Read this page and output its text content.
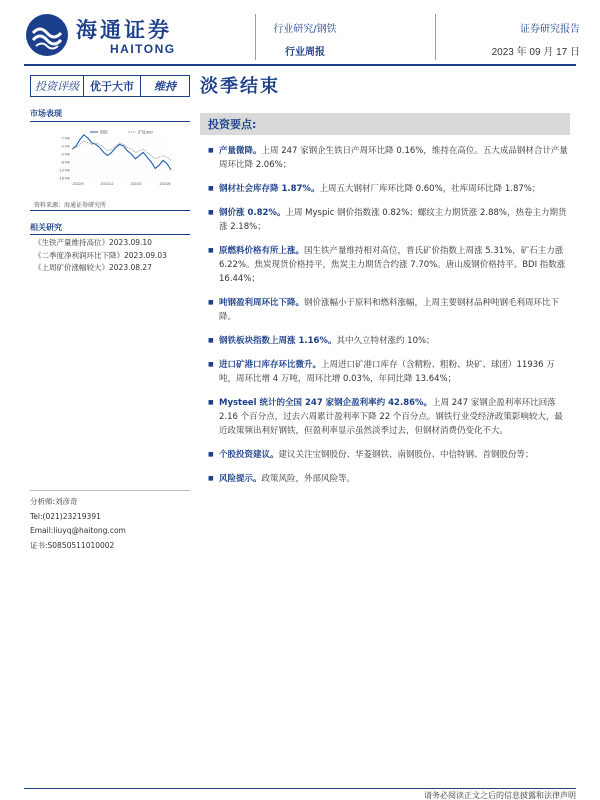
海通证券
HAITONG
行业研究/钢铁
行业周报
证券研究报告
2023 年 09 月 17 日
投资评级	优于大市	维持	淡季结束
市场表现
7.0%
2.0%
-3.0%
-8.0%
-13.0%
-18.0%
2022/9	2022/12	2023/3	2023/6
钢铁	沪深300
资料来源：海通证券研究所
相关研究
《生铁产量维持高位》2023.09.10
《二季度净利润环比下降》2023.09.03
《上周矿价涨幅较大》2023.08.27
分析师:刘彦奇
Tel:(021)23219391
Email:liuyq@haitong.com
证书:S0850511010002
投资要点:
■ 产量微降。上周 247 家钢企生铁日产周环比降 0.16%，维持在高位。五大成品钢材合计产量周环比降 2.06%；
■ 钢材社会库存降 1.87%。上周五大钢材厂库环比降 0.60%，社库周环比降 1.87%；
■ 钢价涨 0.82%。上周 Myspic 钢价指数涨 0.82%；螺纹主力期货涨 2.88%，热卷主力期货涨 2.18%；
■ 原燃料价格有所上涨。国生铁产量维持相对高位，普氏矿价指数上周涨 5.31%，矿石主力涨 6.22%。焦炭现货价格持平，焦炭主力期货合约涨 7.70%。唐山废钢价格持平。BDI 指数涨 16.44%；
■ 吨钢盈利周环比下降。钢价涨幅小于原料和燃料涨幅，上周主要钢材品种吨钢毛利周环比下降。
■ 钢铁板块指数上周涨 1.16%。其中久立特材涨约 10%；
■ 进口矿港口库存环比微升。上周进口矿港口库存（含精粉、粗粉、块矿、球团）11936 万吨，周环比增 4 万吨，周环比增 0.03%，年同比降 13.64%；
■ Mysteel 统计的全国 247 家钢企盈利率约 42.86%。上周 247 家钢企盈利率环比回落 2.16 个百分点，过去六周累计盈利率下降 22 个百分点。钢铁行业受经济政策影响较大，最近政策频出利好钢铁，但盈利率显示虽然淡季过去，但钢材消费仍变化不大。
■ 个股投资建议。建议关注宝钢股份、华菱钢铁、南钢股份、中信特钢、首钢股份等；
■ 风险提示。政策风险，外部风险等。
请务必阅读正文之后的信息披露和法律声明
